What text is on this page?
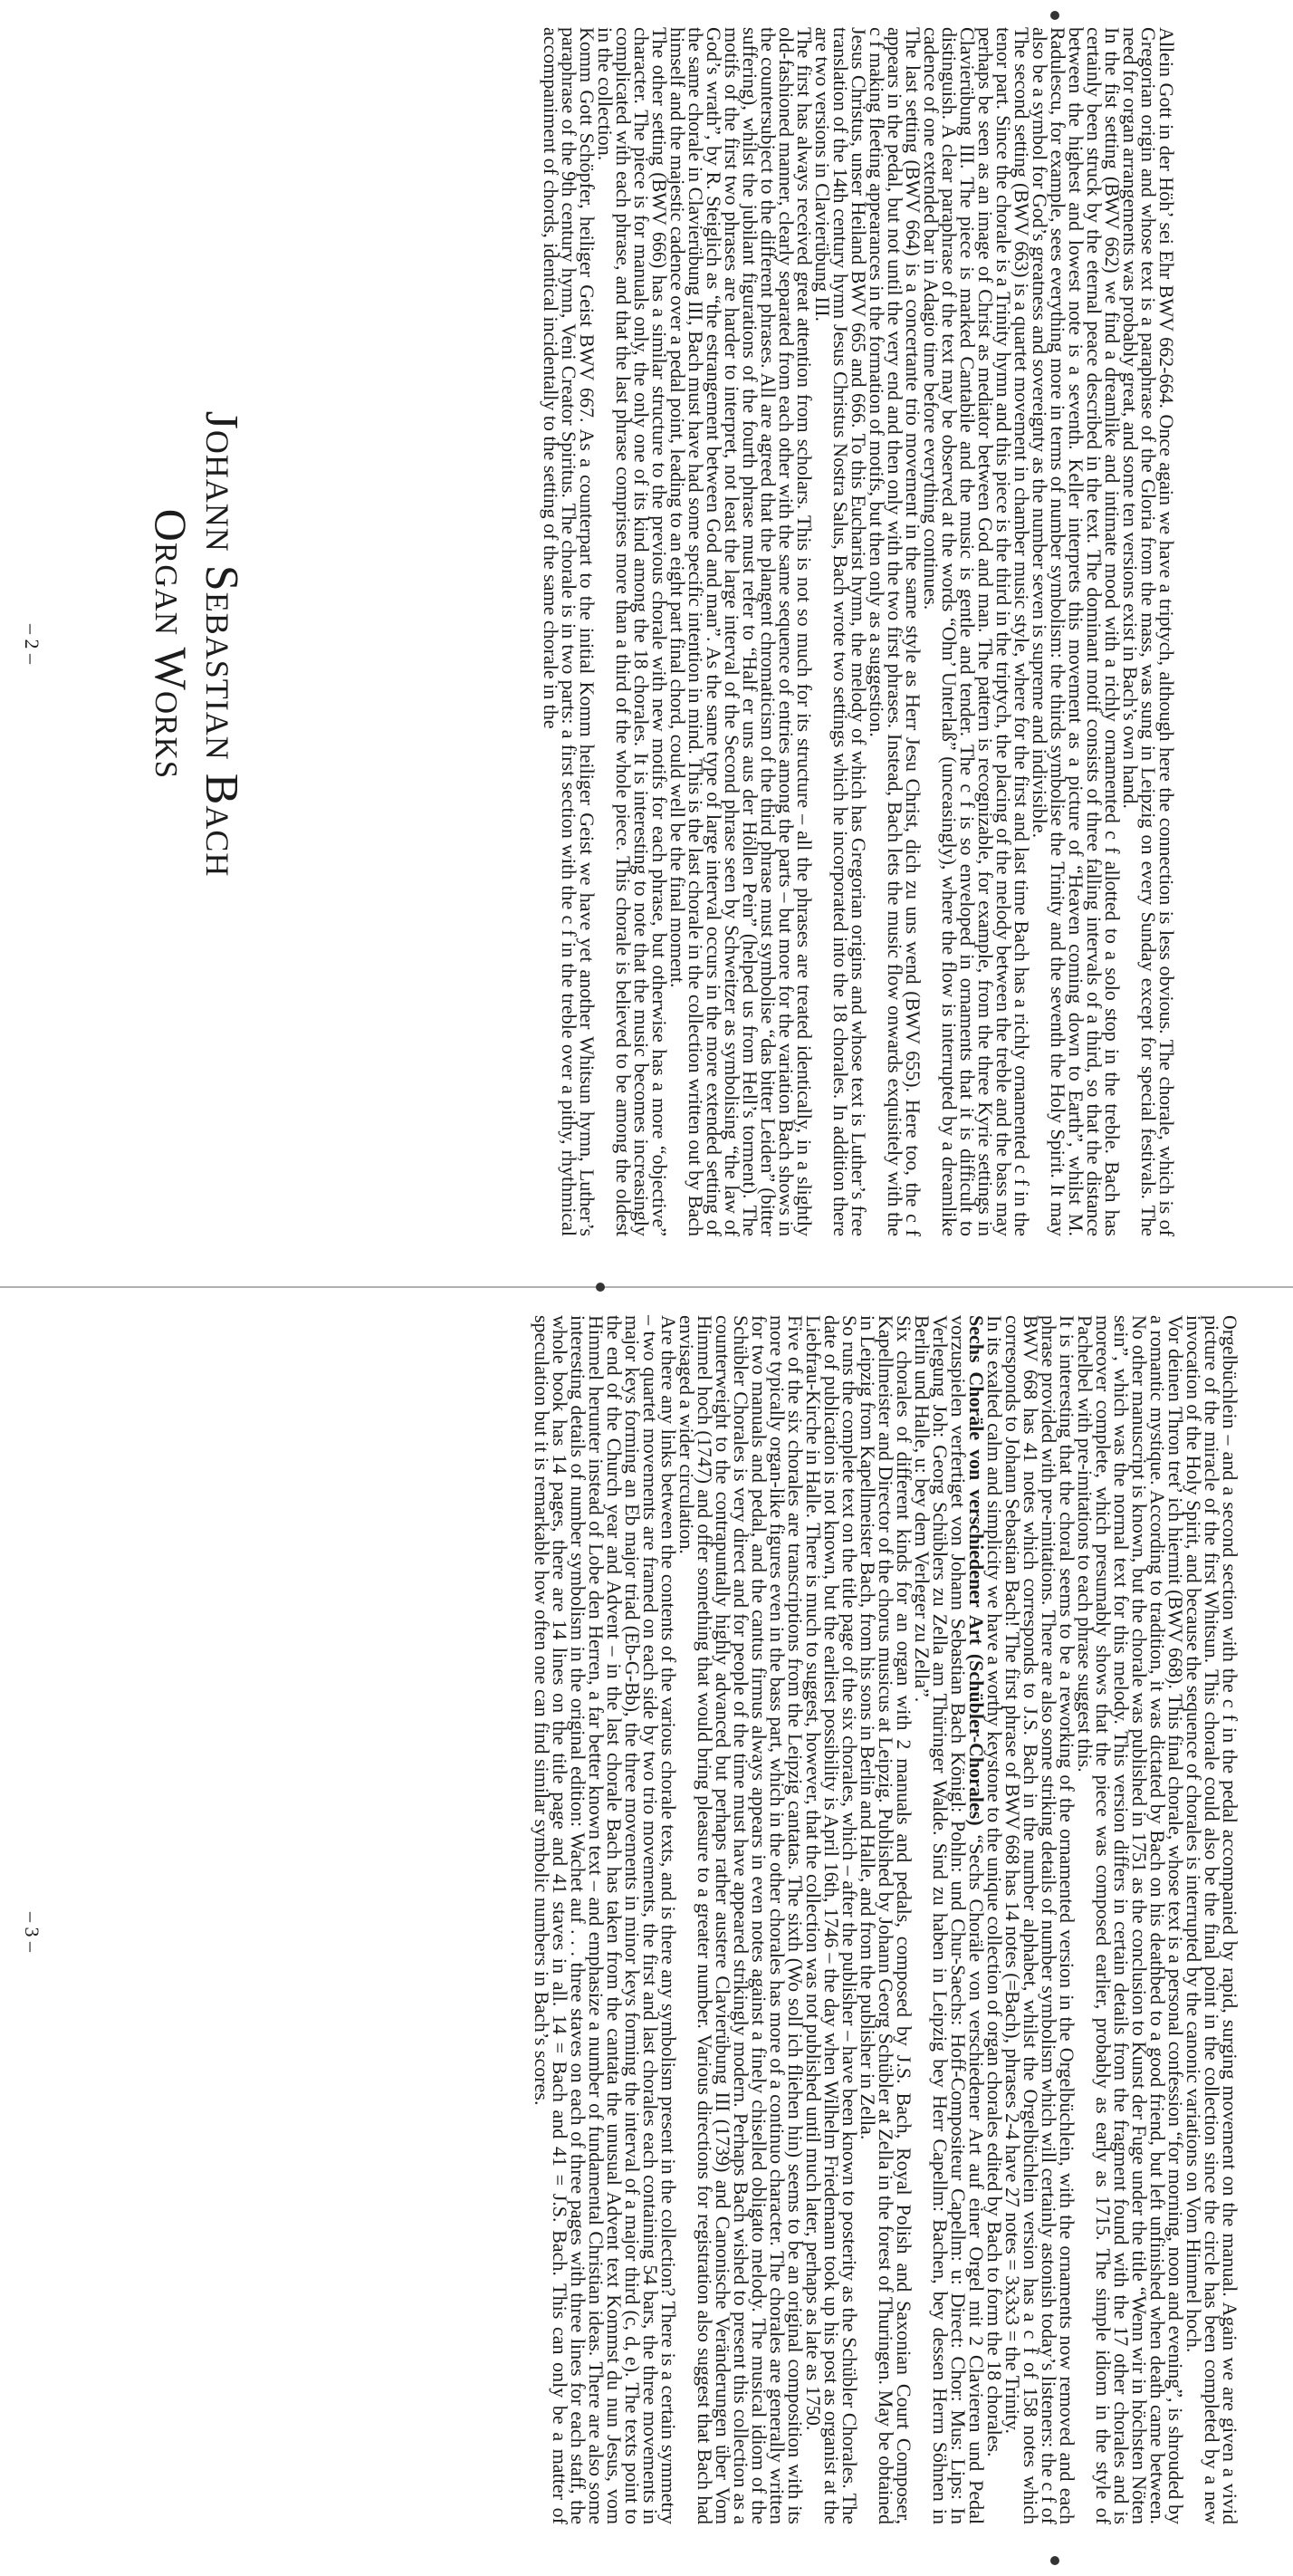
Johann Sebastian Bach
Organ Works	Allein Gott in der Höh’ sei Ehr BWV 662-664. Once again we have a triptych, although here the connection is less obvious. The chorale, which is of Gregorian origin and whose text is a paraphrase of the Gloria from the mass, was sung in Leipzig on every Sunday except for special festivals. The need for organ arrangements was probably great, and some ten versions exist in Bach’s own hand.

In the fist setting (BWV 662) we find a dreamlike and intimate mood with a richly ornamented c f allotted to a solo stop in the treble. Bach has certainly been struck by the eternal peace described in the text. The dominant motif consists of three falling intervals of a third, so that the distance between the highest and lowest note is a seventh. Keller interprets this movement as a picture of “Heaven coming down to Earth”, whilst M. Radulescu, for example, sees everything more in terms of number symbolism: the thirds symbolise the Trinity and the seventh the Holy Spirit. It may also be a symbol for God’s greatness and sovereignty as the number seven is supreme and indivisible.

The second setting (BWV 663) is a quartet movement in chamber music style, where for the first and last time Bach has a richly ornamented c f in the tenor part. Since the chorale is a Trinity hymn and this piece is the third in the triptych, the placing of the melody between the treble and the bass may perhaps be seen as an image of Christ as mediator between God and man. The pattern is recognizable, for example, from the three Kyrie settings in Clavierübung III. The piece is marked Cantabile and the music is gentle and tender. The c f is so enveloped in ornaments that it is difficult to distinguish. A clear paraphrase of the text may be observed at the words “Ohn’ Unterlaß” (unceasingly), where the flow is interrupted by a dreamlike cadence of one extended bar in Adagio time before everything continues.

The last setting (BWV 664) is a concertante trio movement in the same style as Herr Jesu Christ, dich zu uns wend (BWV 655). Here too, the c f appears in the pedal, but not until the very end and then only with the two first phrases. Instead, Bach lets the music flow onwards exquisitely with the c f making fleeting appearances in the formation of motifs, but then only as a suggestion.

Jesus Christus, unser Heiland BWV 665 and 666. To this Eucharist hymn, the melody of which has Gregorian origins and whose text is Luther’s free translation of the 14th century hymn Jesus Christus Nostra Salus, Bach wrote two settings which he incorporated into the 18 chorales. In addition there are two versions in Clavierübung III.

The first has always received great attention from scholars. This is not so much for its structure – all the phrases are treated identically, in a slightly old-fashioned manner, clearly separated from each other with the same sequence of entries among the parts – but more for the variation Bach shows in the countersubject to the different phrases. All are agreed that the plangent chromaticism of the third phrase must symbolise “das bitter Leiden” (bitter suffering), whilst the jubilant figurations of the fourth phrase must refer to “Half er uns aus der Höllen Pein” (helped us from Hell’s torment). The motifs of the first two phrases are harder to interpret, not least the large interval of the Second phrase seen by Schweitzer as symbolising “the law of God’s wrath”, by R. Steiglich as “the estrangement between God and man”. As the same type of large interval occurs in the more extended setting of the same chorale in Clavierübung III, Bach must have had some specific intention in mind. This is the last chorale in the collection written out by Bach himself and the majestic cadence over a pedal point, leading to an eight part final chord, could well be the final moment.

The other setting (BWV 666) has a similar structure to the previous chorale with new motifs for each phrase, but otherwise has a more “objective” character. The piece is for manuals only, the only one of its kind among the 18 chorales. It is interesting to note that the music becomes increasingly complicated with each phrase, and that the last phrase comprises more than a third of the whole piece. This chorale is believed to be among the oldest in the collection.

Komm Gott Schöpfer, heiliger Geist BWV 667. As a counterpart to the initial Komm heiliger Geist we have yet another Whitsun hymn, Luther’s paraphrase of the 9th century hymn, Veni Creator Spiritus. The chorale is in two parts: a first section with the c f in the treble over a pithy, rhythmical accompaniment of chords, identical incidentally to the setting of the same chorale in the

– 2 –

Orgelbüchlein – and a second section with the c f in the pedal accompanied by rapid, surging movement on the manual. Again we are given a vivid picture of the miracle of the first Whitsun. This chorale could also be the final point in the collection since the circle has been completed by a new invocation of the Holy Spirit, and because the sequence of chorales is interrupted by the canonic variations on Vom Himmel hoch.

Vor deinen Thron tret’ ich hiermit (BWV 668). This final chorale, whose text is a personal confession “for morning, noon and evening”, is shrouded by a romantic mystique. According to tradition, it was dictated by Bach on his deathbed to a good friend, but left unfinished when death came between. No other manuscript is known, but the chorale was published in 1751 as the conclusion to Kunst der Fuge under the title “Wenn wir in höchsten Nöten sein”, which was the normal text for this melody. This version differs in certain details from the fragment found with the 17 other chorales and is moreover complete, which presumably shows that the piece was composed earlier, probably as early as 1715. The simple idiom in the style of Pachelbel with pre-imitations to each phrase suggest this.

It is interesting that the choral seems to be a reworking of the ornamented version in the Orgelbüchlein, with the ornaments now removed and each phrase provided with pre-imitations. There are also some striking details of number symbolism which will certainly astonish today’s listeners: the c f of BWV 668 has 41 notes which corresponds to J.S. Bach in the number alphabet, whilst the Orgelbüchlein version has a c f of 158 notes which corresponds to Johann Sebastian Bach! The first phrase of BWV 668 has 14 notes (=Bach), phrases 2-4 have 27 notes = 3x3x3 = the Trinity.

In its exalted calm and simplicity we have a worthy keystone to the unique collection of organ chorales edited by Bach to form the 18 chorales.

Sechs Choräle von verschiedener Art (Schübler-Chorales) “Sechs Choräle von verschiedener Art auf einer Orgel mit 2 Clavieren und Pedal vorzuspielen verfertiget von Johann Sebastian Bach Königl: Pohln: und Chur-Saechs: Hoff-Compositeur Capellm: u: Direct: Chor: Mus: Lips: In Verlegung Joh: Georg Schüblers zu Zella am Thüringer Walde. Sind zu haben in Leipzig bey Herr Capellm: Bachen, bey dessen Herrn Söhnen in Berlin und Halle, u: bey dem Verleger zu Zella”.

Six chorales of different kinds for an organ with 2 manuals and pedals, composed by J.S. Bach, Royal Polish and Saxonian Court Composer, Kapellmeister and Director of the chorus musicus at Leipzig. Published by Johann Georg Schübler at Zella in the forest of Thuringen. May be obtained in Leipzig from Kapellmeister Bach, from his sons in Berlin and Halle, and from the publisher in Zella.

So runs the complete text on the title page of the six chorales, which – after the publisher – have been known to posterity as the Schübler Chorales. The date of publication is not known, but the earliest possibility is April 16th, 1746 – the day when Wilhelm Friedemann took up his post as organist at the Liebfrau-Kirche in Halle. There is much to suggest, however, that the collection was not published until much later, perhaps as late as 1750.

Five of the six chorales are transcriptions from the Leipzig cantatas. The sixth (Wo soll ich fliehen hin) seems to be an original composition with its more typically organ-like figures even in the bass part, which in the other chorales has more of a continuo character. The chorales are generally written for two manuals and pedal, and the cantus firmus always appears in even notes against a finely chiselled obligato melody. The musical idiom of the Schübler Chorales is very direct and for people of the time must have appeared strikingly modern. Perhaps Bach wished to present this collection as a counterweight to the contrapuntally highly advanced but perhaps rather austere Clavierübung III (1739) and Canonische Veränderungen über Vom Himmel hoch (1747) and offer something that would bring pleasure to a greater number. Various directions for registration also suggest that Bach had envisaged a wider circulation.

Are there any links between the contents of the various chorale texts, and is there any symbolism present in the collection? There is a certain symmetry – two quartet movements are framed on each side by two trio movements, the first and last chorales each containing 54 bars, the three movements in major keys forming an Eb major triad (Eb-G-Bb), the three movements in minor keys forming the interval of a major third (c, d, e). The texts point to the end of the Church year and Advent – in the last chorale Bach has taken from the cantata the unusual Advent text Kommst du nun Jesus, vom Himmel herunter instead of Lobe den Herren, a far better known text – and emphasize a number of fundamental Christian ideas. There are also some interesting details of number symbolism in the original edition: Wachet auf . . . three staves on each of three pages with three lines for each staff, the whole book has 14 pages, there are 14 lines on the title page and 41 staves in all. 14 = Bach and 41 = J.S. Bach. This can only be a matter of speculation but it is remarkable how often one can find similar symbolic numbers in Bach’s scores.

– 3 –
